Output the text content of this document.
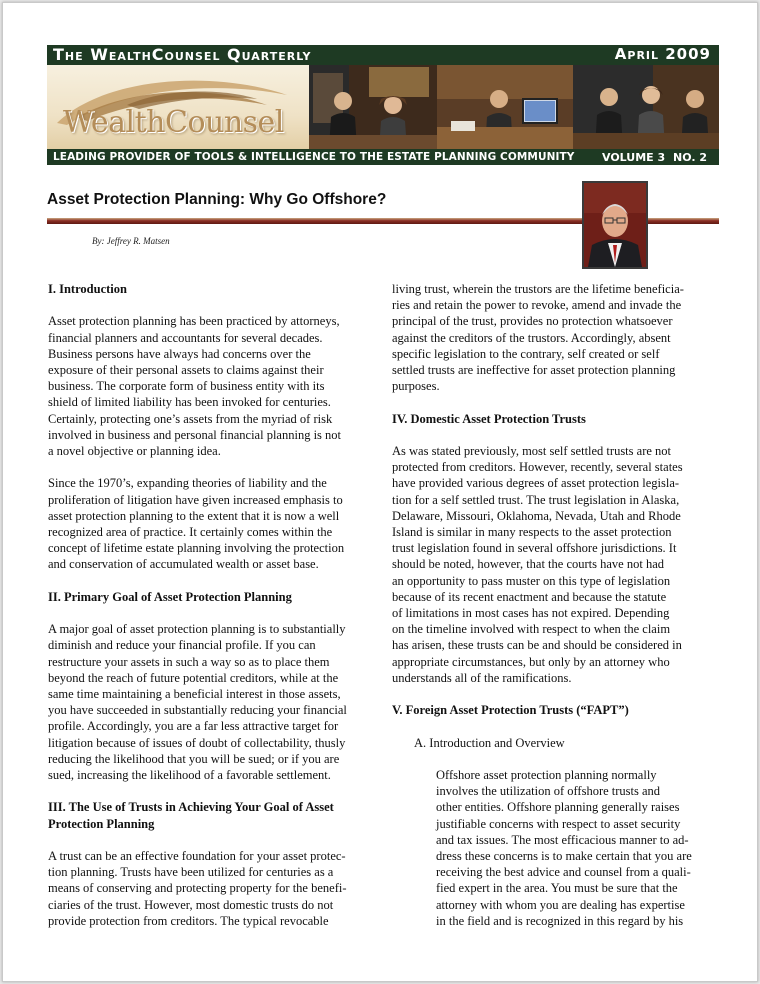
The WealthCounsel Quarterly	April 2009
WealthCounsel
LEADING PROVIDER OF TOOLS & INTELLIGENCE TO THE ESTATE PLANNING COMMUNITY	VOLUME 3 NO. 2
Asset Protection Planning: Why Go Offshore?
By: Jeffrey R. Matsen
I. Introduction

Asset protection planning has been practiced by attorneys,
financial planners and accountants for several decades.
Business persons have always had concerns over the
exposure of their personal assets to claims against their
business. The corporate form of business entity with its
shield of limited liability has been invoked for centuries.
Certainly, protecting one’s assets from the myriad of risk
involved in business and personal financial planning is not
a novel objective or planning idea.

Since the 1970’s, expanding theories of liability and the
proliferation of litigation have given increased emphasis to
asset protection planning to the extent that it is now a well
recognized area of practice. It certainly comes within the
concept of lifetime estate planning involving the protection
and conservation of accumulated wealth or asset base.

II. Primary Goal of Asset Protection Planning

A major goal of asset protection planning is to substantially
diminish and reduce your financial profile. If you can
restructure your assets in such a way so as to place them
beyond the reach of future potential creditors, while at the
same time maintaining a beneficial interest in those assets,
you have succeeded in substantially reducing your financial
profile. Accordingly, you are a far less attractive target for
litigation because of issues of doubt of collectability, thusly
reducing the likelihood that you will be sued; or if you are
sued, increasing the likelihood of a favorable settlement.

III. The Use of Trusts in Achieving Your Goal of Asset
Protection Planning

A trust can be an effective foundation for your asset protec-
tion planning. Trusts have been utilized for centuries as a
means of conserving and protecting property for the benefi-
ciaries of the trust. However, most domestic trusts do not
provide protection from creditors. The typical revocable

living trust, wherein the trustors are the lifetime beneficia-
ries and retain the power to revoke, amend and invade the
principal of the trust, provides no protection whatsoever
against the creditors of the trustors. Accordingly, absent
specific legislation to the contrary, self created or self
settled trusts are ineffective for asset protection planning
purposes.

IV. Domestic Asset Protection Trusts

As was stated previously, most self settled trusts are not
protected from creditors. However, recently, several states
have provided various degrees of asset protection legisla-
tion for a self settled trust. The trust legislation in Alaska,
Delaware, Missouri, Oklahoma, Nevada, Utah and Rhode
Island is similar in many respects to the asset protection
trust legislation found in several offshore jurisdictions. It
should be noted, however, that the courts have not had
an opportunity to pass muster on this type of legislation
because of its recent enactment and because the statute
of limitations in most cases has not expired. Depending
on the timeline involved with respect to when the claim
has arisen, these trusts can be and should be considered in
appropriate circumstances, but only by an attorney who
understands all of the ramifications.

V. Foreign Asset Protection Trusts (“FAPT”)
A. Introduction and Overview

Offshore asset protection planning normally
involves the utilization of offshore trusts and
other entities. Offshore planning generally raises
justifiable concerns with respect to asset security
and tax issues. The most efficacious manner to ad-
dress these concerns is to make certain that you are
receiving the best advice and counsel from a quali-
fied expert in the area. You must be sure that the
attorney with whom you are dealing has expertise
in the field and is recognized in this regard by his
